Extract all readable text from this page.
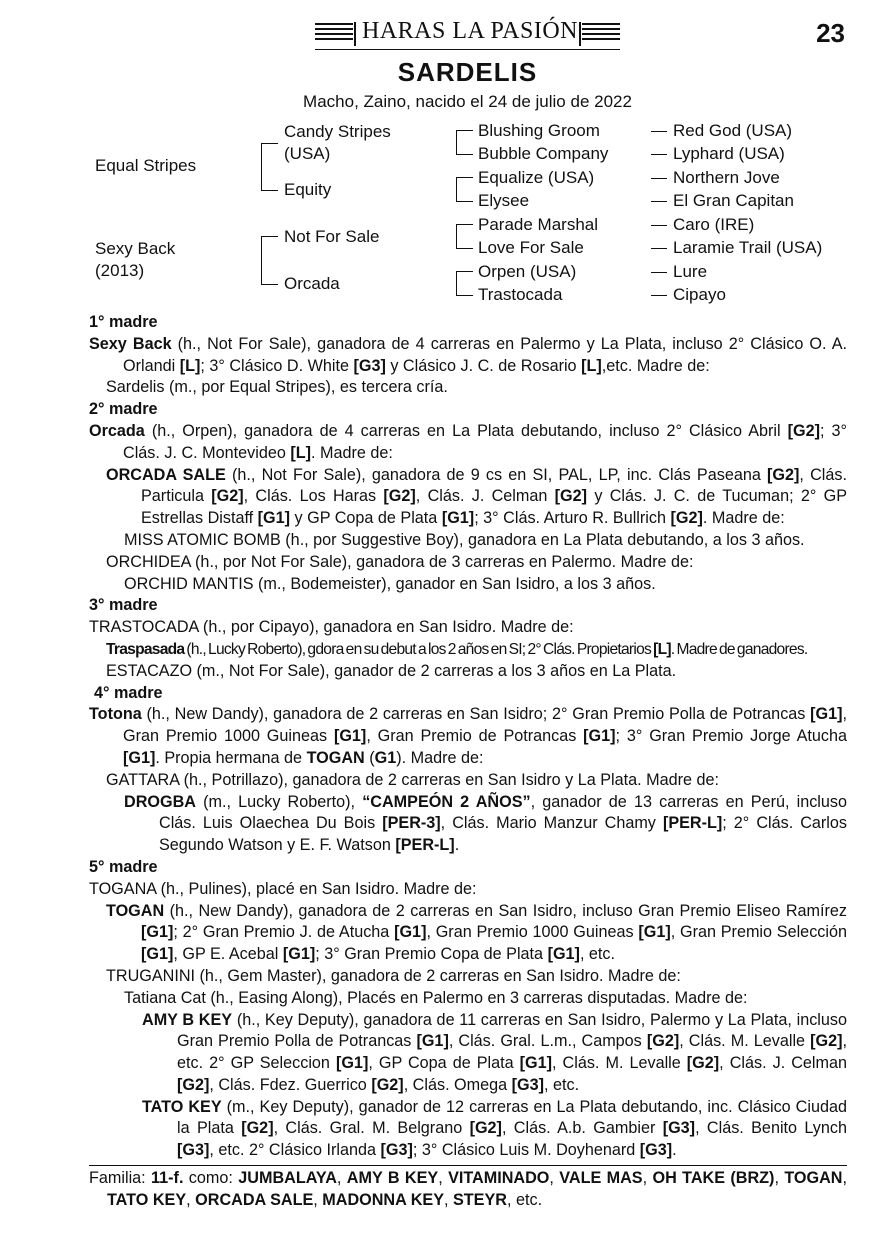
HARAS LA PASIÓN	23
SARDELIS
Macho, Zaino, nacido el 24 de julio de 2022
Equal Stripes
Sexy Back
(2013)
Candy Stripes
(USA)
Equity
Not For Sale
Orcada
Blushing Groom
Bubble Company
Equalize (USA)
Elysee
Parade Marshal
Love For Sale
Orpen (USA)
Trastocada
Red God (USA)
Lyphard (USA)
Northern Jove
El Gran Capitan
Caro (IRE)
Laramie Trail (USA)
Lure
Cipayo
1° madre
Sexy Back (h., Not For Sale), ganadora de 4 carreras en Palermo y La Plata, incluso 2° Clásico O. A. Orlandi [L]; 3° Clásico D. White [G3] y Clásico J. C. de Rosario [L],etc. Madre de:
Sardelis (m., por Equal Stripes), es tercera cría.
2° madre
Orcada (h., Orpen), ganadora de 4 carreras en La Plata debutando, incluso 2° Clásico Abril [G2]; 3° Clás. J. C. Montevideo [L]. Madre de:
ORCADA SALE (h., Not For Sale), ganadora de 9 cs en SI, PAL, LP, inc. Clás Paseana [G2], Clás. Particula [G2], Clás. Los Haras [G2], Clás. J. Celman [G2] y Clás. J. C. de Tucuman; 2° GP Estrellas Distaff [G1] y GP Copa de Plata [G1]; 3° Clás. Arturo R. Bullrich [G2]. Madre de:
MISS ATOMIC BOMB (h., por Suggestive Boy), ganadora en La Plata debutando, a los 3 años.
ORCHIDEA (h., por Not For Sale), ganadora de 3 carreras en Palermo. Madre de:
ORCHID MANTIS (m., Bodemeister), ganador en San Isidro, a los 3 años.
3° madre
TRASTOCADA (h., por Cipayo), ganadora en San Isidro. Madre de:
Traspasada (h., Lucky Roberto), gdora en su debut a los 2 años en SI; 2° Clás. Propietarios [L]. Madre de ganadores.
ESTACAZO (m., Not For Sale), ganador de 2 carreras a los 3 años en La Plata.
4° madre
Totona (h., New Dandy), ganadora de 2 carreras en San Isidro; 2° Gran Premio Polla de Potrancas [G1], Gran Premio 1000 Guineas [G1], Gran Premio de Potrancas [G1]; 3° Gran Premio Jorge Atucha [G1]. Propia hermana de TOGAN (G1). Madre de:
GATTARA (h., Potrillazo), ganadora de 2 carreras en San Isidro y La Plata. Madre de:
DROGBA (m., Lucky Roberto), “CAMPEÓN 2 AÑOS”, ganador de 13 carreras en Perú, incluso Clás. Luis Olaechea Du Bois [PER-3], Clás. Mario Manzur Chamy [PER-L]; 2° Clás. Carlos Segundo Watson y E. F. Watson [PER-L].
5° madre
TOGANA (h., Pulines), placé en San Isidro. Madre de:
TOGAN (h., New Dandy), ganadora de 2 carreras en San Isidro, incluso Gran Premio Eliseo Ramírez [G1]; 2° Gran Premio J. de Atucha [G1], Gran Premio 1000 Guineas [G1], Gran Premio Selección [G1], GP E. Acebal [G1]; 3° Gran Premio Copa de Plata [G1], etc.
TRUGANINI (h., Gem Master), ganadora de 2 carreras en San Isidro. Madre de:
Tatiana Cat (h., Easing Along), Placés en Palermo en 3 carreras disputadas. Madre de:
AMY B KEY (h., Key Deputy), ganadora de 11 carreras en San Isidro, Palermo y La Plata, incluso Gran Premio Polla de Potrancas [G1], Clás. Gral. L.m., Campos [G2], Clás. M. Levalle [G2], etc. 2° GP Seleccion [G1], GP Copa de Plata [G1], Clás. M. Levalle [G2], Clás. J. Celman [G2], Clás. Fdez. Guerrico [G2], Clás. Omega [G3], etc.
TATO KEY (m., Key Deputy), ganador de 12 carreras en La Plata debutando, inc. Clásico Ciudad la Plata [G2], Clás. Gral. M. Belgrano [G2], Clás. A.b. Gambier [G3], Clás. Benito Lynch [G3], etc. 2° Clásico Irlanda [G3]; 3° Clásico Luis M. Doyhenard [G3].
Familia: 11-f. como: JUMBALAYA, AMY B KEY, VITAMINADO, VALE MAS, OH TAKE (BRZ), TOGAN, TATO KEY, ORCADA SALE, MADONNA KEY, STEYR, etc.
